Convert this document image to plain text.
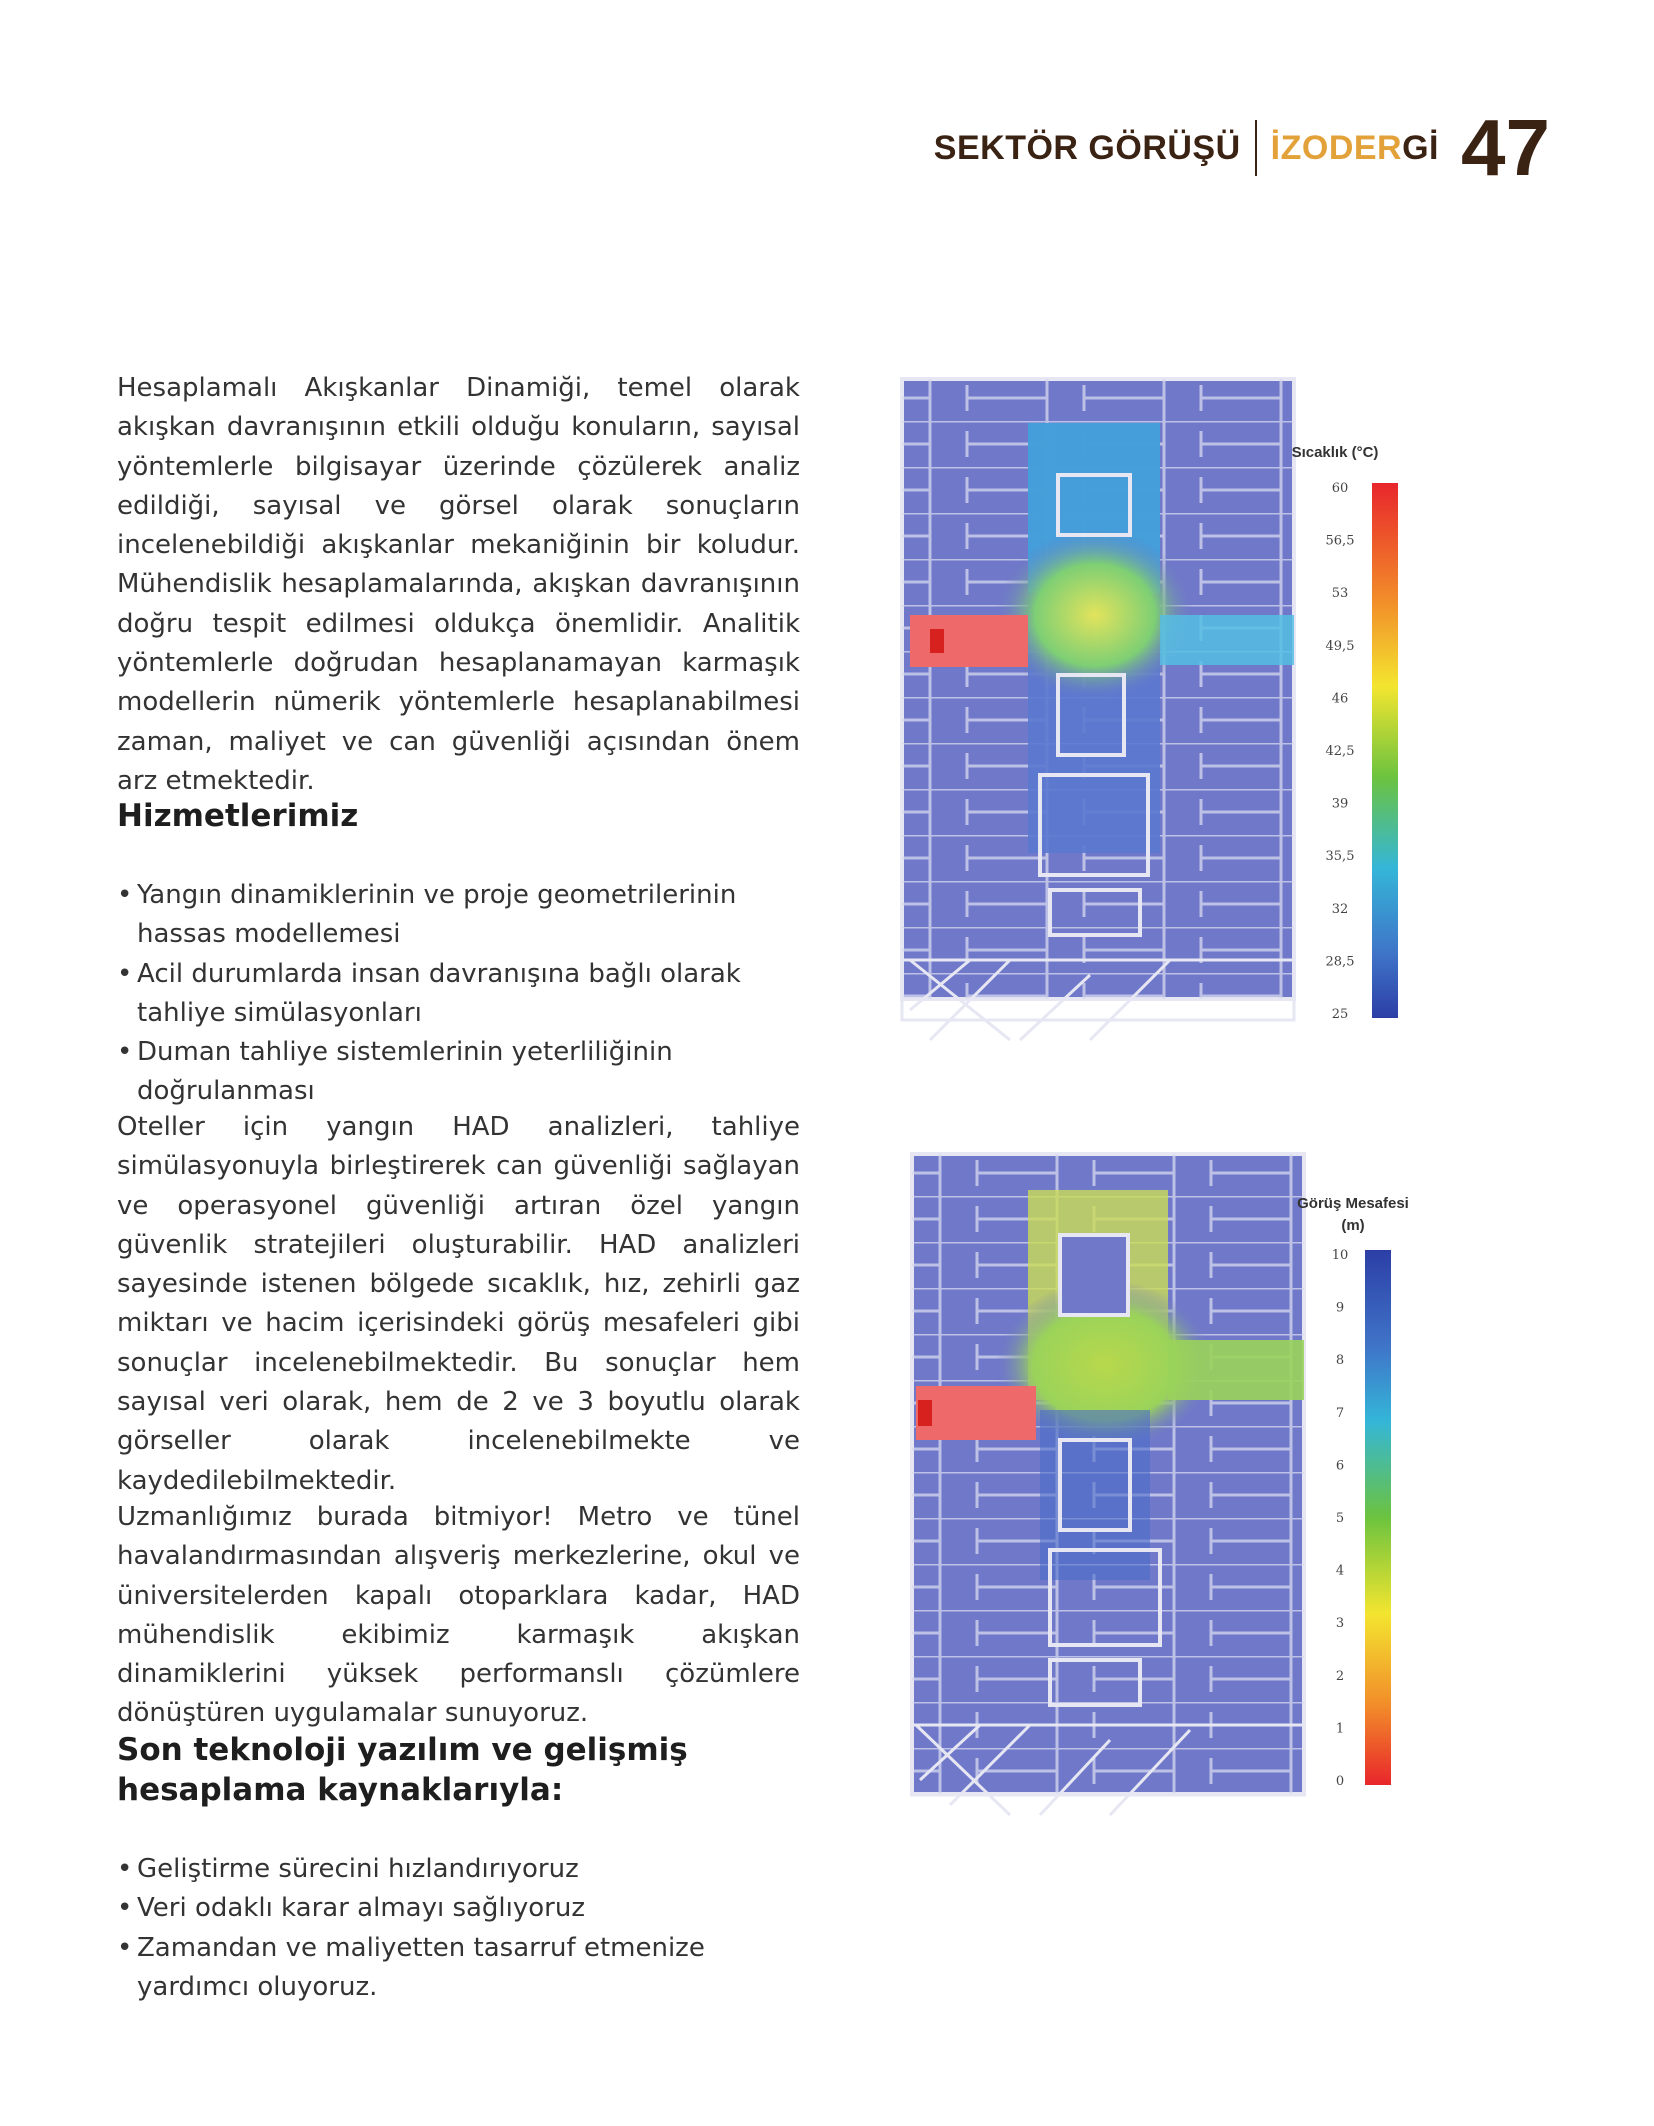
SEKTÖR GÖRÜŞÜ İZODERGİ 47

Hesaplamalı Akışkanlar Dinamiği, temel olarak akışkan davranışının etkili olduğu konuların, sayısal yöntemlerle bilgisayar üzerinde çözülerek analiz edildiği, sayısal ve görsel olarak sonuçların incelenebildiği akışkanlar mekaniğinin bir koludur. Mühendislik hesaplamalarında, akışkan davranışının doğru tespit edilmesi oldukça önemlidir. Analitik yöntemlerle doğrudan hesaplanamayan karmaşık modellerin nümerik yöntemlerle hesaplanabilmesi zaman, maliyet ve can güvenliği açısından önem arz etmektedir.

Hizmetlerimiz
• Yangın dinamiklerinin ve proje geometrilerinin hassas modellemesi
• Acil durumlarda insan davranışına bağlı olarak tahliye simülasyonları
• Duman tahliye sistemlerinin yeterliliğinin doğrulanması

Oteller için yangın HAD analizleri, tahliye simülasyonuyla birleştirerek can güvenliği sağlayan ve operasyonel güvenliği artıran özel yangın güvenlik stratejileri oluşturabilir. HAD analizleri sayesinde istenen bölgede sıcaklık, hız, zehirli gaz miktarı ve hacim içerisindeki görüş mesafeleri gibi sonuçlar incelenebilmektedir. Bu sonuçlar hem sayısal veri olarak, hem de 2 ve 3 boyutlu olarak görseller olarak incelenebilmekte ve kaydedilebilmektedir.

Uzmanlığımız burada bitmiyor! Metro ve tünel havalandırmasından alışveriş merkezlerine, okul ve üniversitelerden kapalı otoparklara kadar, HAD mühendislik ekibimiz karmaşık akışkan dinamiklerini yüksek performanslı çözümlere dönüştüren uygulamalar sunuyoruz.

Son teknoloji yazılım ve gelişmiş hesaplama kaynaklarıyla:
• Geliştirme sürecini hızlandırıyoruz
• Veri odaklı karar almayı sağlıyoruz
• Zamandan ve maliyetten tasarruf etmenize yardımcı oluyoruz.
Sıcaklık (°C)
60
56,5
53
49,5
46
42,5
39
35,5
32
28,5
25
Görüş Mesafesi
(m)
10
9
8
7
6
5
4
3
2
1
0
